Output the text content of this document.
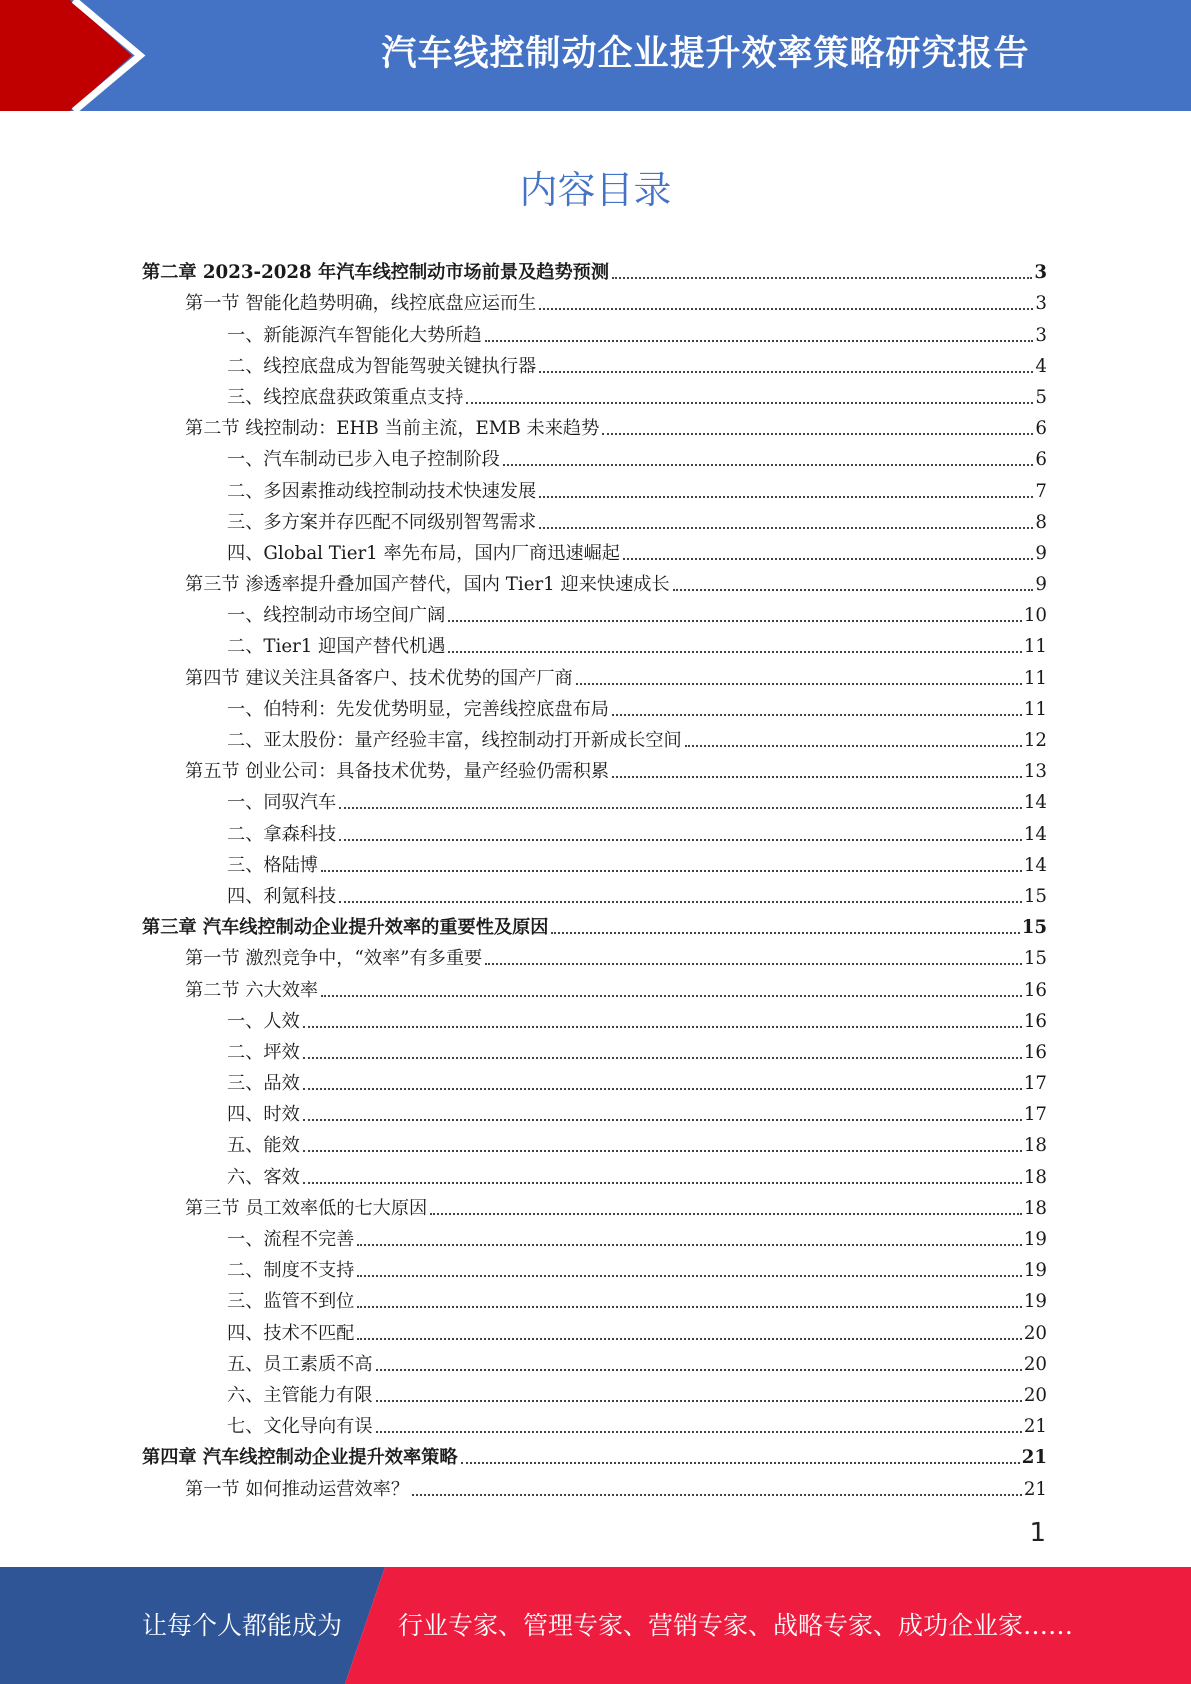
汽车线控制动企业提升效率策略研究报告
内容目录
第二章 2023-2028 年汽车线控制动市场前景及趋势预测	3
第一节 智能化趋势明确，线控底盘应运而生	3
一、新能源汽车智能化大势所趋	3
二、线控底盘成为智能驾驶关键执行器	4
三、线控底盘获政策重点支持	5
第二节 线控制动：EHB 当前主流，EMB 未来趋势	6
一、汽车制动已步入电子控制阶段	6
二、多因素推动线控制动技术快速发展	7
三、多方案并存匹配不同级别智驾需求	8
四、Global Tier1 率先布局，国内厂商迅速崛起	9
第三节 渗透率提升叠加国产替代，国内 Tier1 迎来快速成长	9
一、线控制动市场空间广阔	10
二、Tier1 迎国产替代机遇	11
第四节 建议关注具备客户、技术优势的国产厂商	11
一、伯特利：先发优势明显，完善线控底盘布局	11
二、亚太股份：量产经验丰富，线控制动打开新成长空间	12
第五节 创业公司：具备技术优势，量产经验仍需积累	13
一、同驭汽车	14
二、拿森科技	14
三、格陆博	14
四、利氪科技	15
第三章 汽车线控制动企业提升效率的重要性及原因	15
第一节 激烈竞争中，“效率”有多重要	15
第二节 六大效率	16
一、人效	16
二、坪效	16
三、品效	17
四、时效	17
五、能效	18
六、客效	18
第三节 员工效率低的七大原因	18
一、流程不完善	19
二、制度不支持	19
三、监管不到位	19
四、技术不匹配	20
五、员工素质不高	20
六、主管能力有限	20
七、文化导向有误	21
第四章 汽车线控制动企业提升效率策略	21
第一节 如何推动运营效率？	21
1
让每个人都能成为 行业专家、管理专家、营销专家、战略专家、成功企业家……
